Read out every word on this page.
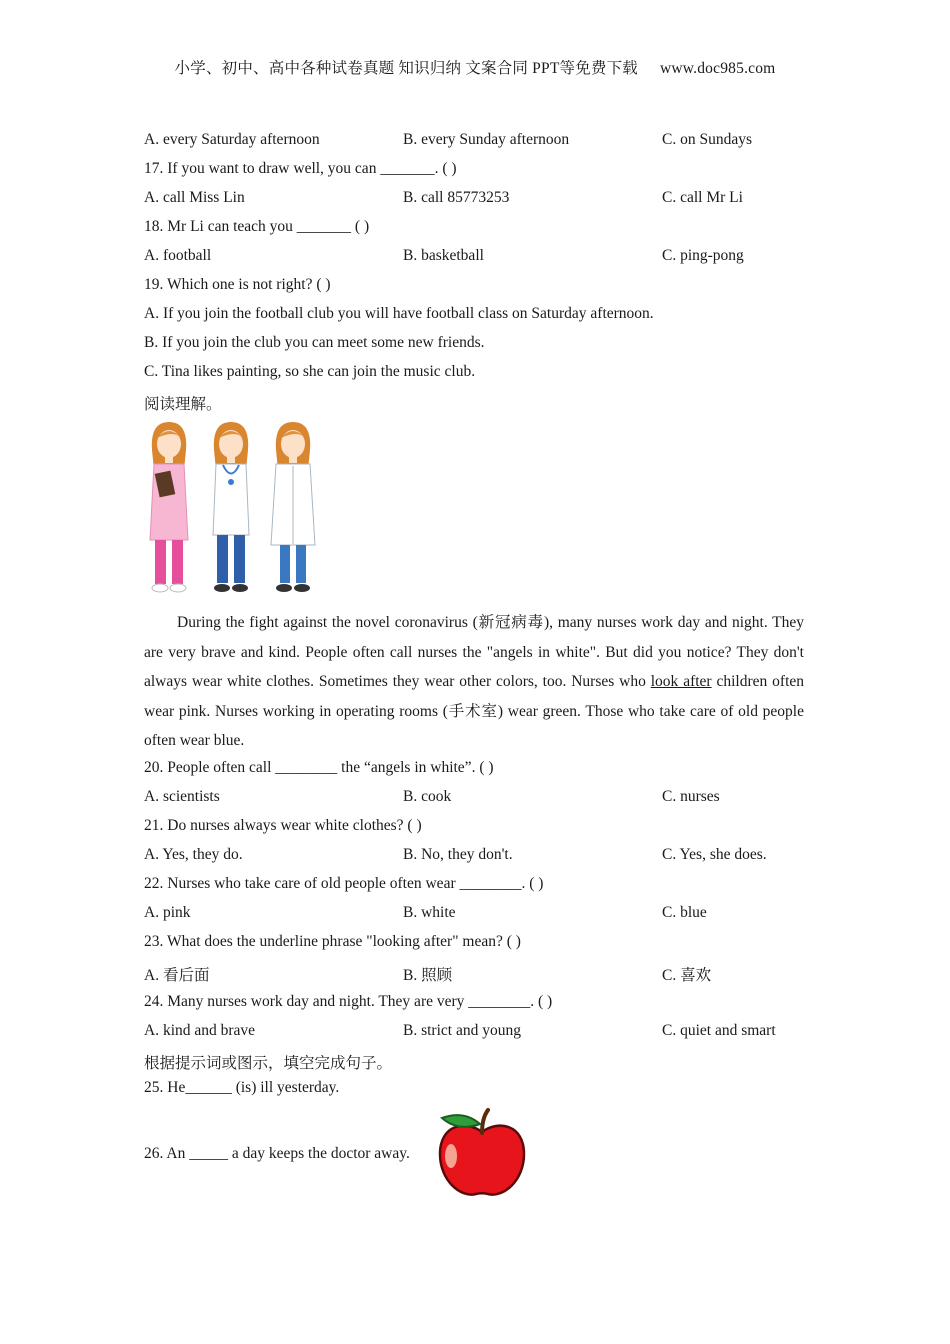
小学、初中、高中各种试卷真题 知识归纳 文案合同 PPT等免费下载 www.doc985.com
A. every Saturday afternoon	B. every Sunday afternoon	C. on Sundays
17. If you want to draw well, you can _______. ( )
A. call Miss Lin	B. call 85773253	C. call Mr Li
18. Mr Li can teach you _______ ( )
A. football	B. basketball	C. ping-pong
19. Which one is not right? ( )
A. If you join the football club you will have football class on Saturday afternoon.
B. If you join the club you can meet some new friends.
C. Tina likes painting, so she can join the music club.
阅读理解。
During the fight against the novel coronavirus (新冠病毒), many nurses work day and night. They are very brave and kind. People often call nurses the "angels in white". But did you notice? They don't always wear white clothes. Sometimes they wear other colors, too. Nurses who look after children often wear pink. Nurses working in operating rooms (手术室) wear green. Those who take care of old people often wear blue.
20. People often call ________ the “angels in white”. ( )
A. scientists	B. cook	C. nurses
21. Do nurses always wear white clothes? ( )
A. Yes, they do.	B. No, they don't.	C. Yes, she does.
22. Nurses who take care of old people often wear ________. ( )
A. pink	B. white	C. blue
23. What does the underline phrase "looking after" mean? ( )
A. 看后面	B. 照顾	C. 喜欢
24. Many nurses work day and night. They are very ________. ( )
A. kind and brave	B. strict and young	C. quiet and smart
根据提示词或图示，填空完成句子。
25. He______ (is) ill yesterday.
26. An _____ a day keeps the doctor away.
